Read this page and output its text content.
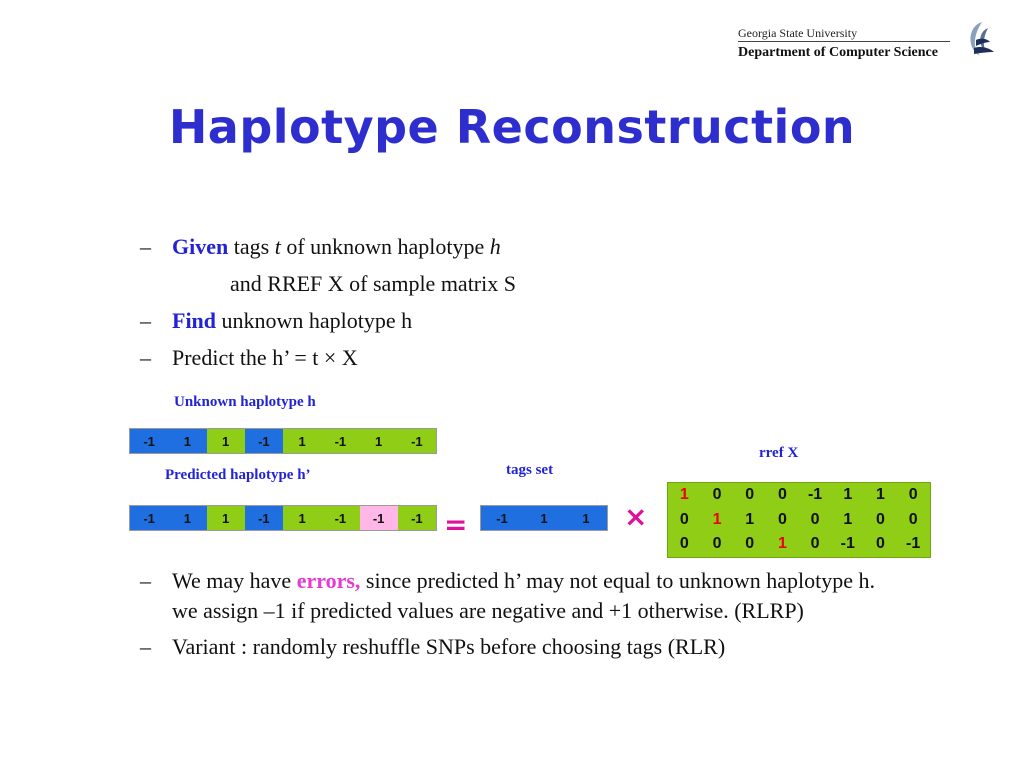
Georgia State University
Department of Computer Science
Haplotype Reconstruction
– Given tags t of unknown haplotype h
and RREF X of sample matrix S
– Find unknown haplotype h
– Predict the h’ = t × X
Unknown haplotype h
-1	1	1	-1	1	-1	1	-1
Predicted haplotype h’
-1	1	1	-1	1	-1	-1	-1 =
tags set
-1	1	1	×
rref X
1	0	0	0	-1	1	1	0
0	1	1	0	0	1	0	0
0	0	0	1	0	-1	0	-1
– We may have errors, since predicted h’ may not equal to unknown haplotype h. we assign –1 if predicted values are negative and +1 otherwise. (RLRP)
– Variant : randomly reshuffle SNPs before choosing tags (RLR)
